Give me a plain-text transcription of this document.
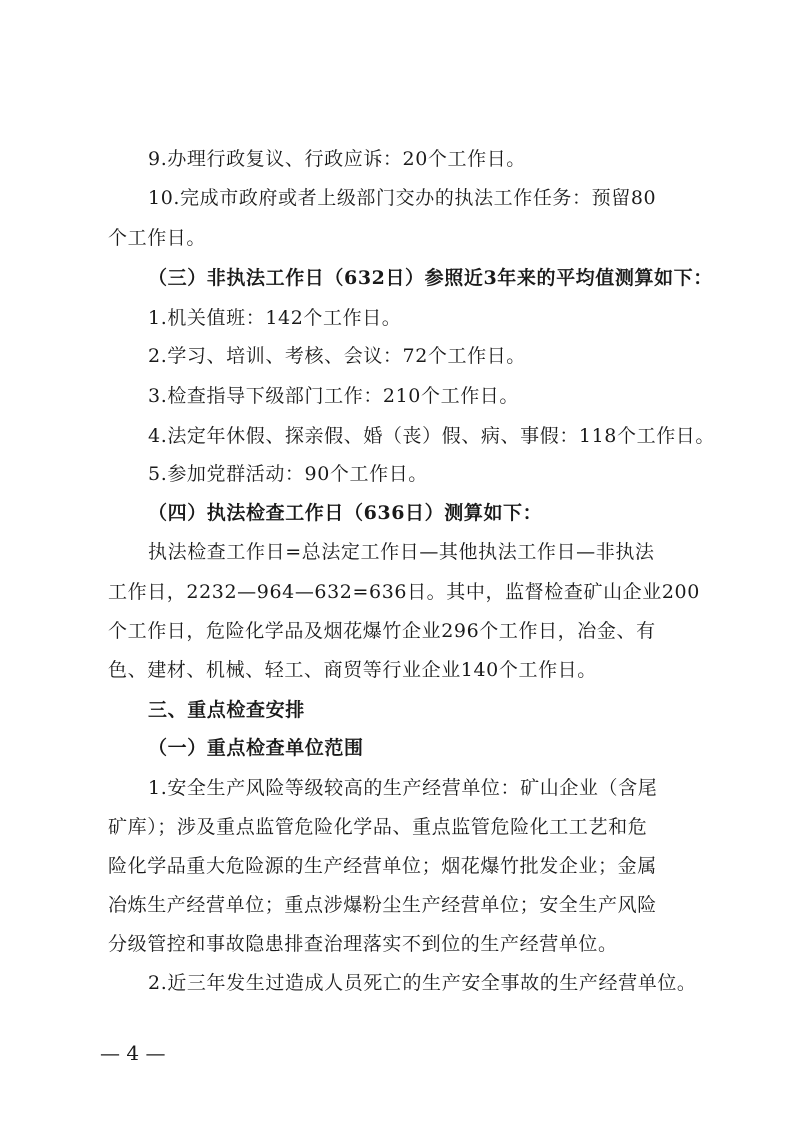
9.办理行政复议、行政应诉：20个工作日。
10.完成市政府或者上级部门交办的执法工作任务：预留80
个工作日。
（三）非执法工作日（632日）参照近3年来的平均值测算如下：
1.机关值班：142个工作日。
2.学习、培训、考核、会议：72个工作日。
3.检查指导下级部门工作：210个工作日。
4.法定年休假、探亲假、婚（丧）假、病、事假：118个工作日。
5.参加党群活动：90个工作日。
（四）执法检查工作日（636日）测算如下：
执法检查工作日=总法定工作日—其他执法工作日—非执法
工作日，2232—964—632=636日。其中，监督检查矿山企业200
个工作日，危险化学品及烟花爆竹企业296个工作日，冶金、有
色、建材、机械、轻工、商贸等行业企业140个工作日。
三、重点检查安排
（一）重点检查单位范围
1.安全生产风险等级较高的生产经营单位：矿山企业（含尾
矿库）；涉及重点监管危险化学品、重点监管危险化工工艺和危
险化学品重大危险源的生产经营单位；烟花爆竹批发企业；金属
冶炼生产经营单位；重点涉爆粉尘生产经营单位；安全生产风险
分级管控和事故隐患排查治理落实不到位的生产经营单位。
2.近三年发生过造成人员死亡的生产安全事故的生产经营单位。
— 4 —
